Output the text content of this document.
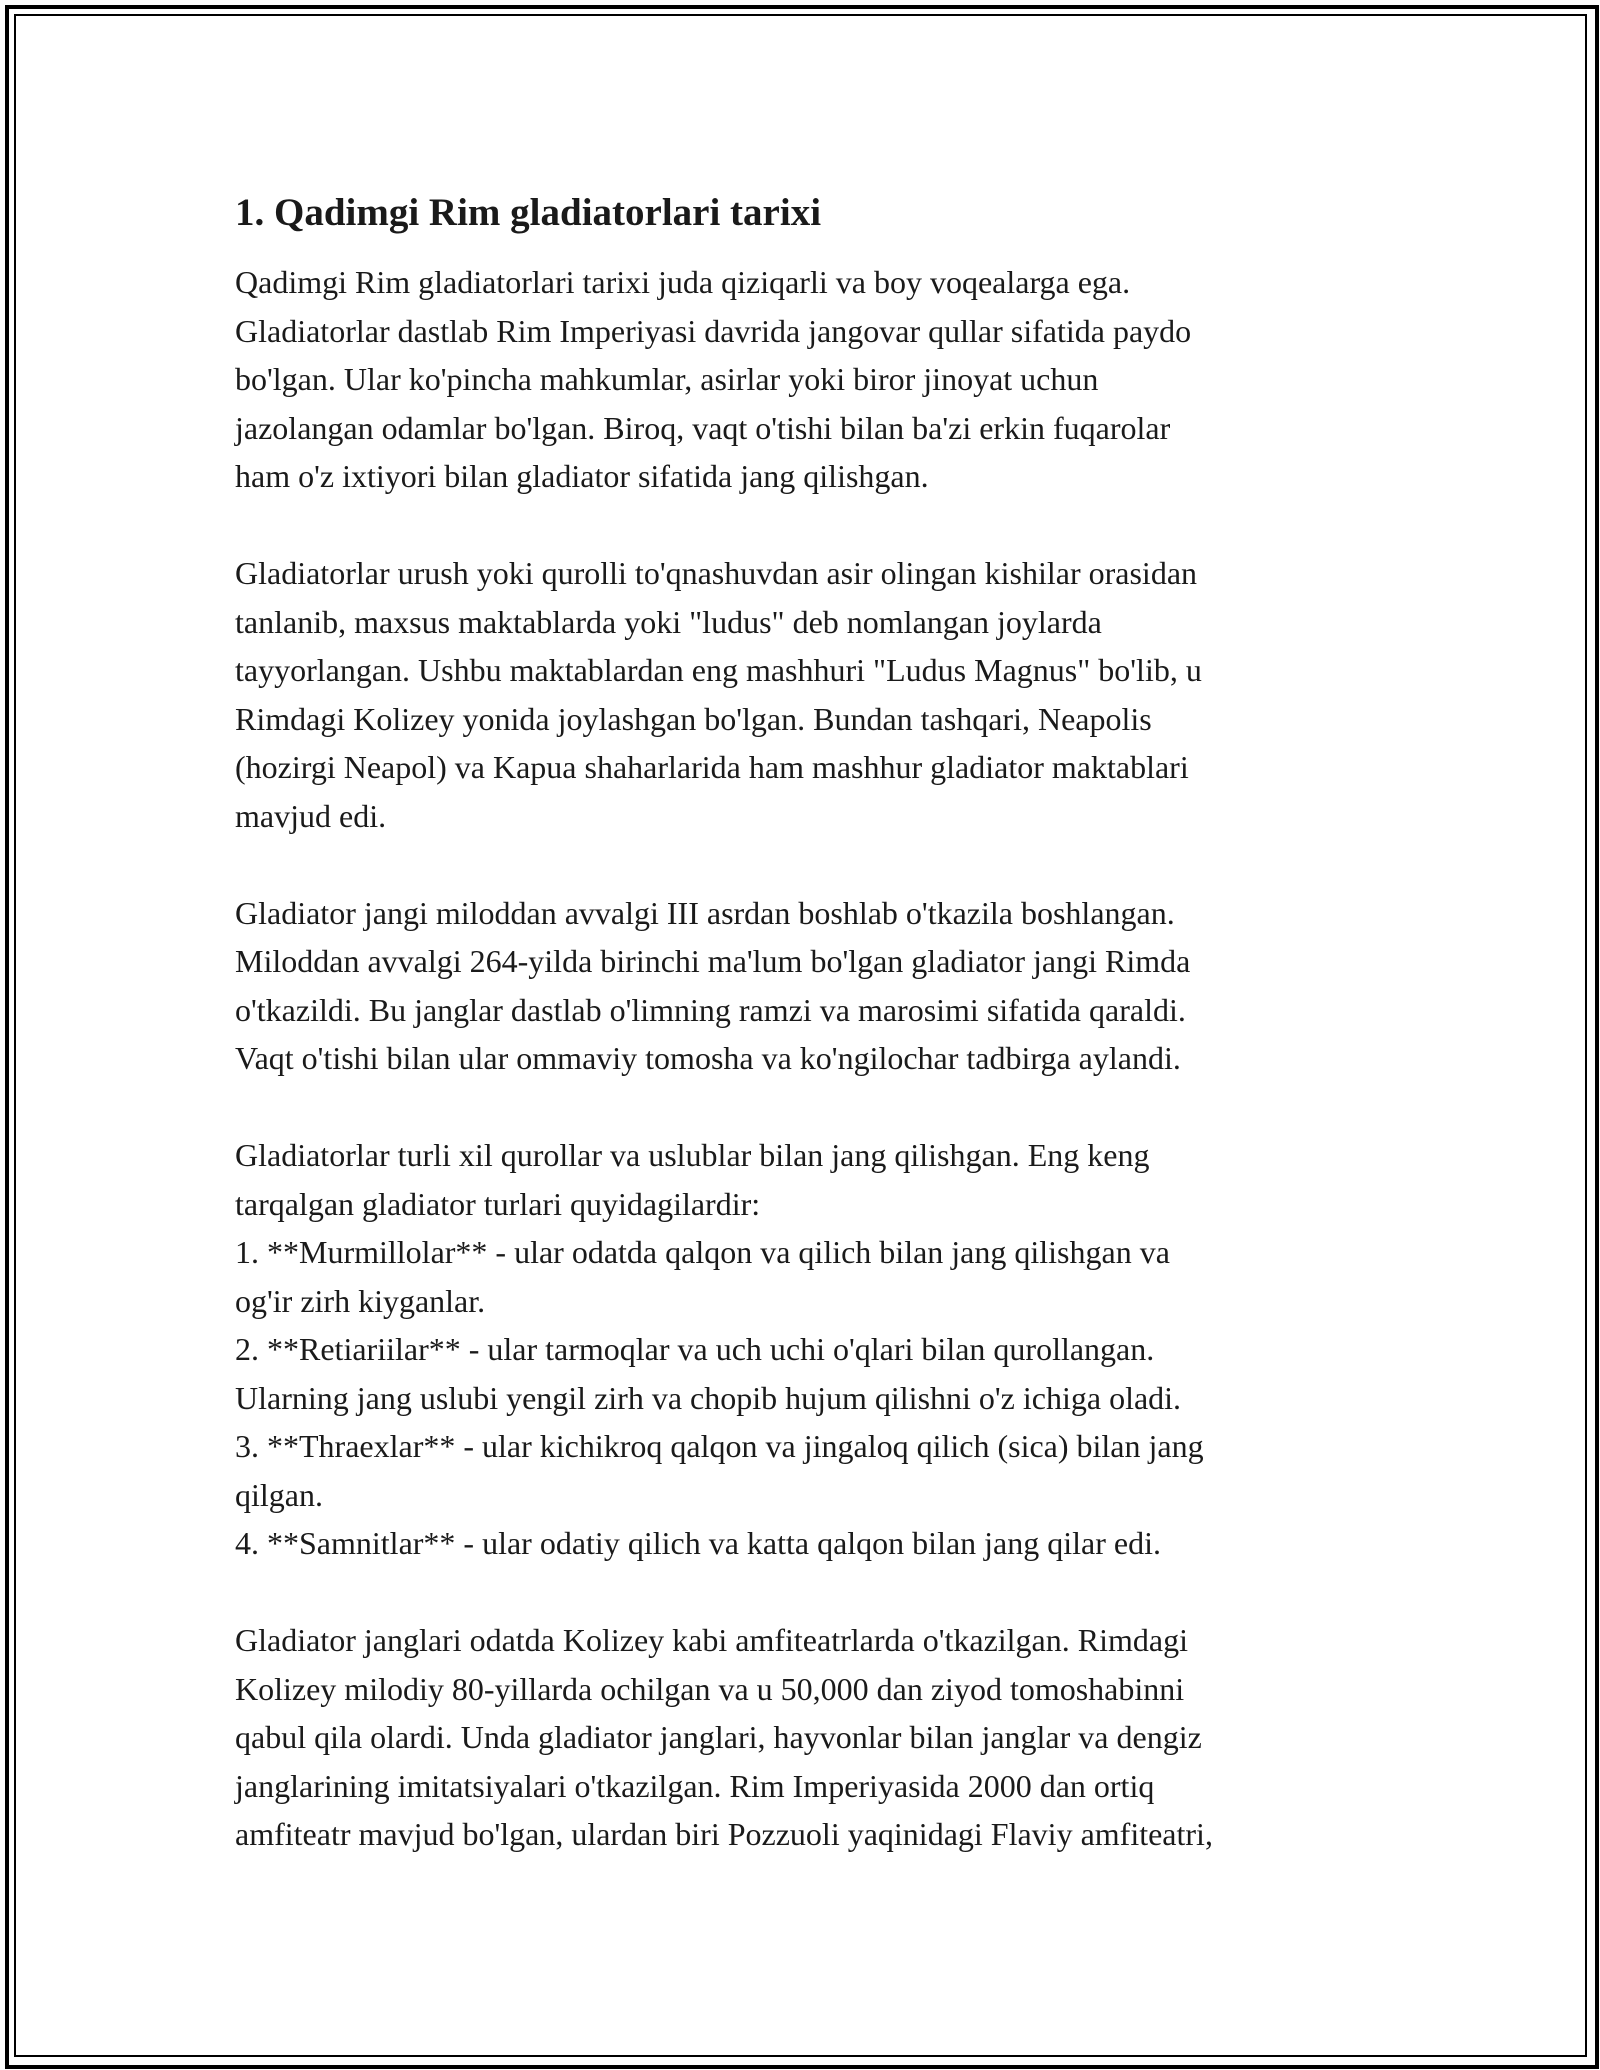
1. Qadimgi Rim gladiatorlari tarixi
Qadimgi Rim gladiatorlari tarixi juda qiziqarli va boy voqealarga ega.
Gladiatorlar dastlab Rim Imperiyasi davrida jangovar qullar sifatida paydo
bo'lgan. Ular ko'pincha mahkumlar, asirlar yoki biror jinoyat uchun
jazolangan odamlar bo'lgan. Biroq, vaqt o'tishi bilan ba'zi erkin fuqarolar
ham o'z ixtiyori bilan gladiator sifatida jang qilishgan.
Gladiatorlar urush yoki qurolli to'qnashuvdan asir olingan kishilar orasidan
tanlanib, maxsus maktablarda yoki "ludus" deb nomlangan joylarda
tayyorlangan. Ushbu maktablardan eng mashhuri "Ludus Magnus" bo'lib, u
Rimdagi Kolizey yonida joylashgan bo'lgan. Bundan tashqari, Neapolis
(hozirgi Neapol) va Kapua shaharlarida ham mashhur gladiator maktablari
mavjud edi.
Gladiator jangi miloddan avvalgi III asrdan boshlab o'tkazila boshlangan.
Miloddan avvalgi 264-yilda birinchi ma'lum bo'lgan gladiator jangi Rimda
o'tkazildi. Bu janglar dastlab o'limning ramzi va marosimi sifatida qaraldi.
Vaqt o'tishi bilan ular ommaviy tomosha va ko'ngilochar tadbirga aylandi.
Gladiatorlar turli xil qurollar va uslublar bilan jang qilishgan. Eng keng
tarqalgan gladiator turlari quyidagilardir:
1. **Murmillolar** - ular odatda qalqon va qilich bilan jang qilishgan va
og'ir zirh kiyganlar.
2. **Retiariilar** - ular tarmoqlar va uch uchi o'qlari bilan qurollangan.
Ularning jang uslubi yengil zirh va chopib hujum qilishni o'z ichiga oladi.
3. **Thraexlar** - ular kichikroq qalqon va jingaloq qilich (sica) bilan jang
qilgan.
4. **Samnitlar** - ular odatiy qilich va katta qalqon bilan jang qilar edi.
Gladiator janglari odatda Kolizey kabi amfiteatrlarda o'tkazilgan. Rimdagi
Kolizey milodiy 80-yillarda ochilgan va u 50,000 dan ziyod tomoshabinni
qabul qila olardi. Unda gladiator janglari, hayvonlar bilan janglar va dengiz
janglarining imitatsiyalari o'tkazilgan. Rim Imperiyasida 2000 dan ortiq
amfiteatr mavjud bo'lgan, ulardan biri Pozzuoli yaqinidagi Flaviy amfiteatri,
